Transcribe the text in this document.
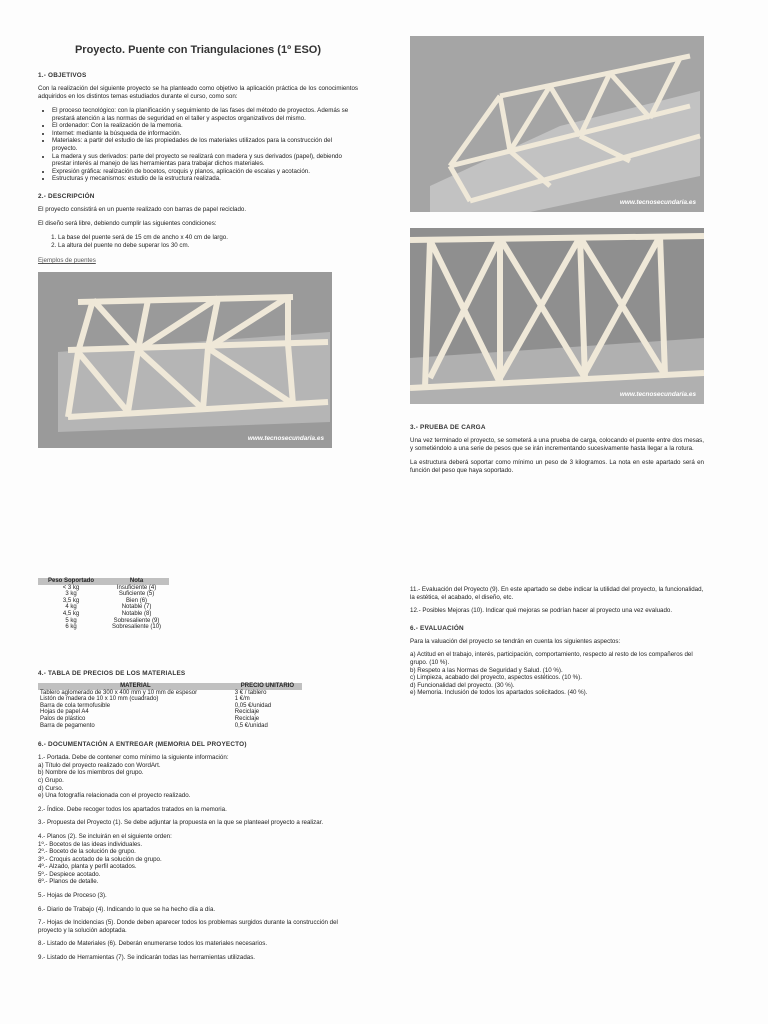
Proyecto. Puente con Triangulaciones (1º ESO)
1.- OBJETIVOS
Con la realización del siguiente proyecto se ha planteado como objetivo la aplicación práctica de los conocimientos adquiridos en los distintos temas estudiados durante el curso, como son:
• El proceso tecnológico: con la planificación y seguimiento de las fases del método de proyectos. Además se prestará atención a las normas de seguridad en el taller y aspectos organizativos del mismo.
• El ordenador: Con la realización de la memoria.
• Internet: mediante la búsqueda de información.
• Materiales: a partir del estudio de las propiedades de los materiales utilizados para la construcción del proyecto.
• La madera y sus derivados: parte del proyecto se realizará con madera y sus derivados (papel), debiendo prestar interés al manejo de las herramientas para trabajar dichos materiales.
• Expresión gráfica: realización de bocetos, croquis y planos, aplicación de escalas y acotación.
• Estructuras y mecanismos: estudio de la estructura realizada.
2.- DESCRIPCIÓN
El proyecto consistirá en un puente realizado con barras de papel reciclado.
El diseño será libre, debiendo cumplir las siguientes condiciones:
1. La base del puente será de 15 cm de ancho x 40 cm de largo.
2. La altura del puente no debe superar los 30 cm.
Ejemplos de puentes
www.tecnosecundaria.es
www.tecnosecundaria.es
www.tecnosecundaria.es
3.- PRUEBA DE CARGA
Una vez terminado el proyecto, se someterá a una prueba de carga, colocando el puente entre dos mesas, y sometiéndolo a una serie de pesos que se irán incrementando sucesivamente hasta llegar a la rotura.
La estructura deberá soportar como mínimo un peso de 3 kilogramos. La nota en este apartado será en función del peso que haya soportado.
Peso Soportado	Nota
< 3 kg	Insuficiente (4)
3 kg	Suficiente (5)
3,5 kg	Bien (6)
4 kg	Notable (7)
4,5 kg	Notable (8)
5 kg	Sobresaliente (9)
6 kg	Sobresaliente (10)
4.- TABLA DE PRECIOS DE LOS MATERIALES
MATERIAL	PRECIO UNITARIO
Tablero aglomerado de 300 x 400 mm y 10 mm de espesor	3 € / tablero
Listón de madera de 10 x 10 mm (cuadrado)	1 €/m
Barra de cola termofusible	0,05 €/unidad
Hojas de papel A4	Reciclaje
Palos de plástico	Reciclaje
Barra de pegamento	0,5 €/unidad
6.- DOCUMENTACIÓN A ENTREGAR (MEMORIA DEL PROYECTO)
1.- Portada. Debe de contener como mínimo la siguiente información:
a) Título del proyecto realizado con WordArt.
b) Nombre de los miembros del grupo.
c) Grupo.
d) Curso.
e) Una fotografía relacionada con el proyecto realizado.
2.- Índice. Debe recoger todos los apartados tratados en la memoria.
3.- Propuesta del Proyecto (1). Se debe adjuntar la propuesta en la que se planteael proyecto a realizar.
4.- Planos (2). Se incluirán en el siguiente orden:
1º.- Bocetos de las ideas individuales.
2º.- Boceto de la solución de grupo.
3º.- Croquis acotado de la solución de grupo.
4º.- Alzado, planta y perfil acotados.
5º.- Despiece acotado.
6º.- Planos de detalle.
5.- Hojas de Proceso (3).
6.- Diario de Trabajo (4). Indicando lo que se ha hecho día a día.
7.- Hojas de Incidencias (5). Donde deben aparecer todos los problemas surgidos durante la construcción del proyecto y la solución adoptada.
8.- Listado de Materiales (6). Deberán enumerarse todos los materiales necesarios.
9.- Listado de Herramientas (7). Se indicarán todas las herramientas utilizadas.
11.- Evaluación del Proyecto (9). En este apartado se debe indicar la utilidad del proyecto, la funcionalidad, la estética, el acabado, el diseño, etc.
12.- Posibles Mejoras (10). Indicar qué mejoras se podrían hacer al proyecto una vez evaluado.
6.- EVALUACIÓN
Para la valuación del proyecto se tendrán en cuenta los siguientes aspectos:
a) Actitud en el trabajo, interés, participación, comportamiento, respecto al resto de los compañeros del grupo. (10 %).
b) Respeto a las Normas de Seguridad y Salud. (10 %).
c) Limpieza, acabado del proyecto, aspectos estéticos. (10 %).
d) Funcionalidad del proyecto. (30 %).
e) Memoria. Inclusión de todos los apartados solicitados. (40 %).
